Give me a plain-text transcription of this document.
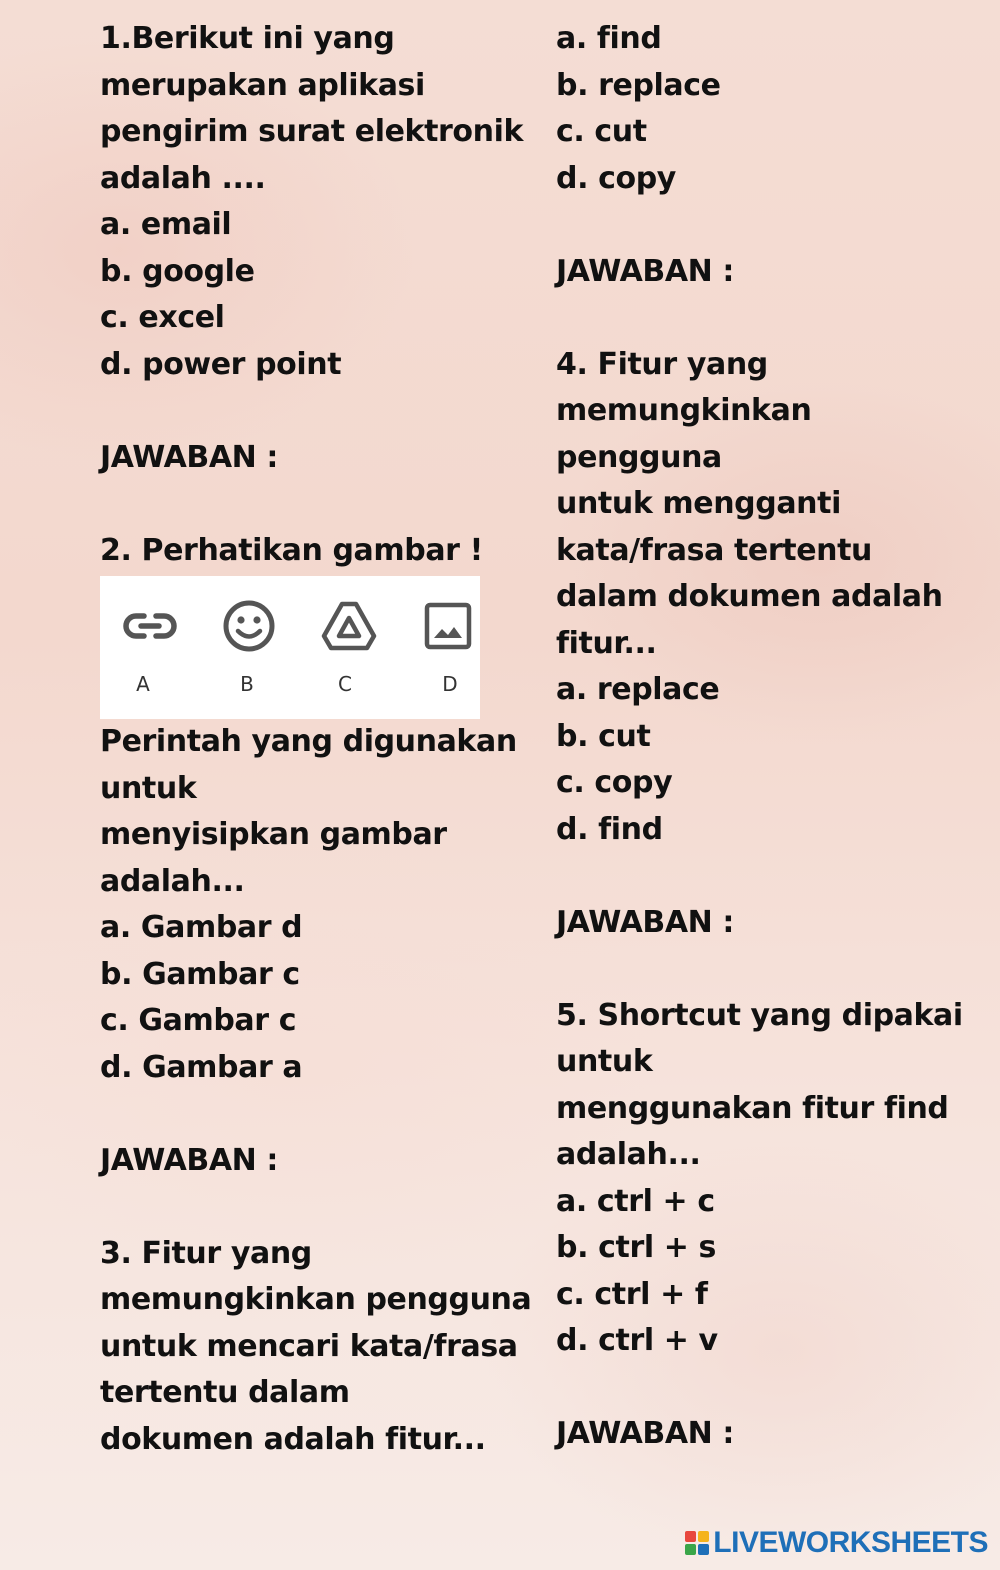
1.Berikut ini yang
merupakan aplikasi
pengirim surat elektronik
adalah ....
a. email
b. google
c. excel
d. power point
JAWABAN :
2. Perhatikan gambar !
A	B	C	D
Perintah yang digunakan
untuk
menyisipkan gambar
adalah...
a. Gambar d
b. Gambar c
c. Gambar c
d. Gambar a
JAWABAN :
3. Fitur yang
memungkinkan pengguna
untuk mencari kata/frasa
tertentu dalam
dokumen adalah fitur...
a. find
b. replace
c. cut
d. copy
JAWABAN :
4. Fitur yang
memungkinkan
pengguna
untuk mengganti
kata/frasa tertentu
dalam dokumen adalah
fitur...
a. replace
b. cut
c. copy
d. find
JAWABAN :
5. Shortcut yang dipakai
untuk
menggunakan fitur find
adalah...
a. ctrl + c
b. ctrl + s
c. ctrl + f
d. ctrl + v
JAWABAN :
LIVEWORKSHEETS
